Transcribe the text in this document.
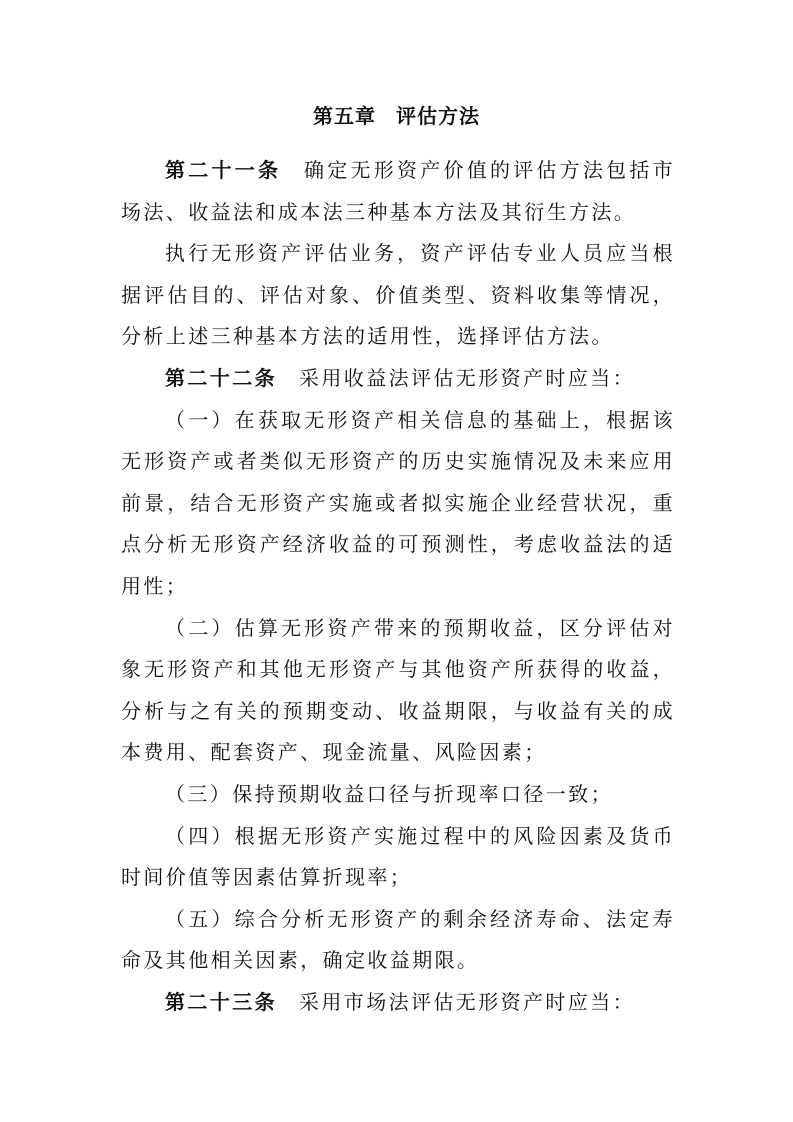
第五章 评估方法

第二十一条 确定无形资产价值的评估方法包括市场法、收益法和成本法三种基本方法及其衍生方法。

执行无形资产评估业务，资产评估专业人员应当根据评估目的、评估对象、价值类型、资料收集等情况，分析上述三种基本方法的适用性，选择评估方法。

第二十二条 采用收益法评估无形资产时应当：

（一）在获取无形资产相关信息的基础上，根据该无形资产或者类似无形资产的历史实施情况及未来应用前景，结合无形资产实施或者拟实施企业经营状况，重点分析无形资产经济收益的可预测性，考虑收益法的适用性；

（二）估算无形资产带来的预期收益，区分评估对象无形资产和其他无形资产与其他资产所获得的收益，分析与之有关的预期变动、收益期限，与收益有关的成本费用、配套资产、现金流量、风险因素；

（三）保持预期收益口径与折现率口径一致；

（四）根据无形资产实施过程中的风险因素及货币时间价值等因素估算折现率；

（五）综合分析无形资产的剩余经济寿命、法定寿命及其他相关因素，确定收益期限。

第二十三条 采用市场法评估无形资产时应当：
